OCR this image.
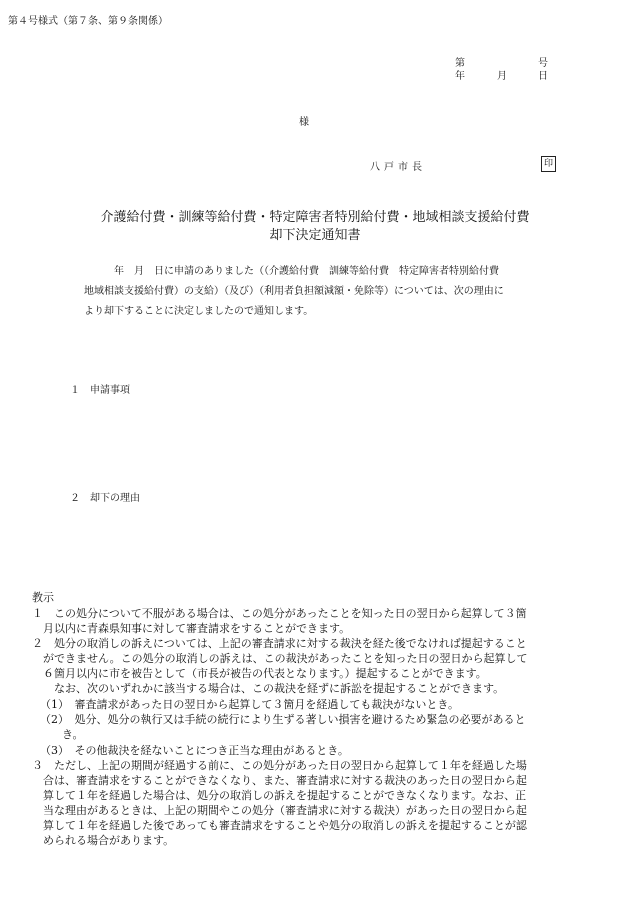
第４号様式（第７条、第９条関係）
第	号
年	月	日
様
八戸市長	印
介護給付費・訓練等給付費・特定障害者特別給付費・地域相談支援給付費
却下決定通知書
　　　年　月　日に申請のありました（（介護給付費　訓練等給付費　特定障害者特別給付費
地域相談支援給付費）の支給）（及び）（利用者負担額減額・免除等）については、次の理由に
より却下することに決定しましたので通知します。
１　申請事項
２　却下の理由
教示
１　この処分について不服がある場合は、この処分があったことを知った日の翌日から起算して３箇
　月以内に青森県知事に対して審査請求をすることができます。
２　処分の取消しの訴えについては、上記の審査請求に対する裁決を経た後でなければ提起すること
　ができません。この処分の取消しの訴えは、この裁決があったことを知った日の翌日から起算して
　６箇月以内に市を被告として（市長が被告の代表となります。）提起することができます。
　　なお、次のいずれかに該当する場合は、この裁決を経ずに訴訟を提起することができます。
（1）　審査請求があった日の翌日から起算して３箇月を経過しても裁決がないとき。
（2）　処分、処分の執行又は手続の続行により生ずる著しい損害を避けるため緊急の必要があると
　　き。
（3）　その他裁決を経ないことにつき正当な理由があるとき。
３　ただし、上記の期間が経過する前に、この処分があった日の翌日から起算して１年を経過した場
　合は、審査請求をすることができなくなり、また、審査請求に対する裁決のあった日の翌日から起
　算して１年を経過した場合は、処分の取消しの訴えを提起することができなくなります。なお、正
　当な理由があるときは、上記の期間やこの処分（審査請求に対する裁決）があった日の翌日から起
　算して１年を経過した後であっても審査請求をすることや処分の取消しの訴えを提起することが認
　められる場合があります。
